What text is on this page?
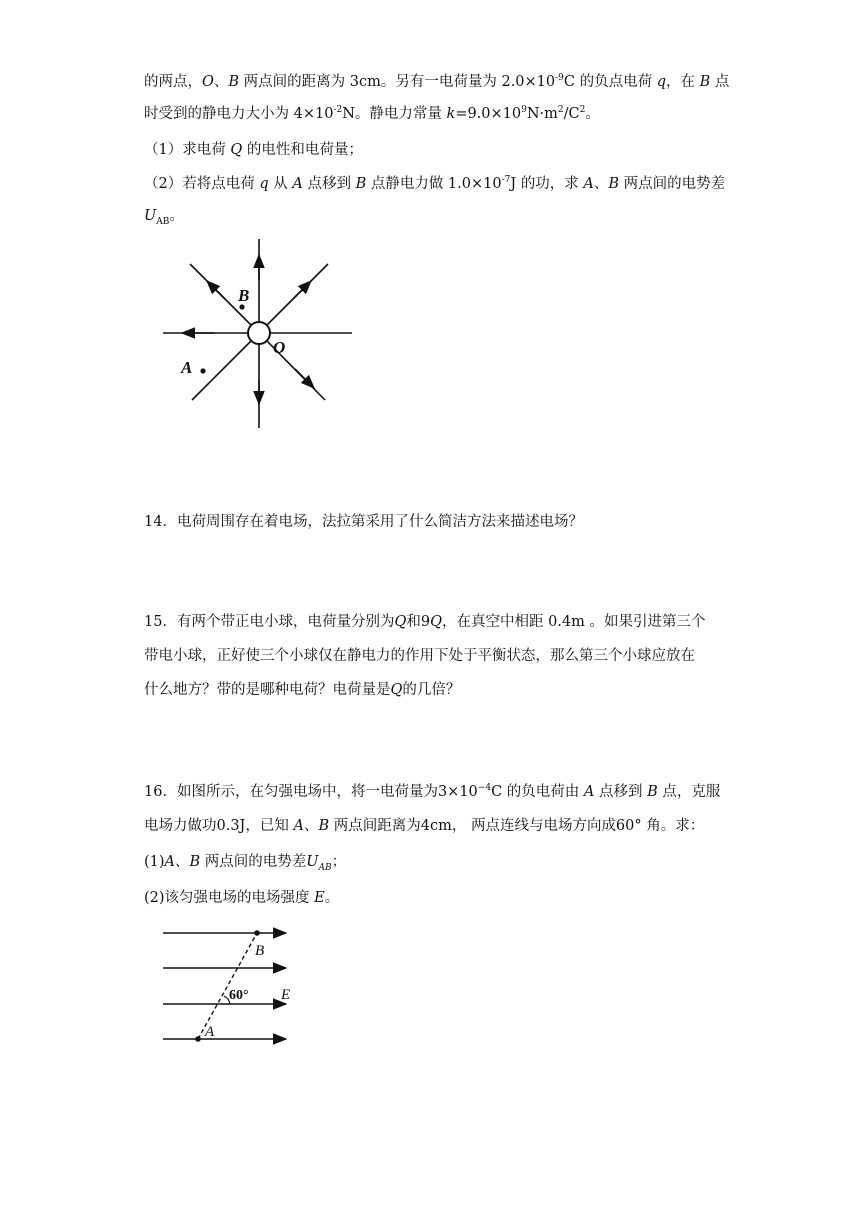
的两点，O、B 两点间的距离为 3cm。另有一电荷量为 $2.0\times 10^{-9}C$ 的负点电荷 q，在 B 点
时受到的静电力大小为 $4\times 10^{-2}N$。静电力常量 $k=9.0\times 10^9N\cdot m^2/C^2$。
（1）求电荷 Q 的电性和电荷量；
（2）若将点电荷 q 从 A 点移到 B 点静电力做 $1.0\times 10^{-7}J$ 的功，求 A、B 两点间的电势差
$U_{AB}$。
B
O
A
14．电荷周围存在着电场，法拉第采用了什么简洁方法来描述电场？
15．有两个带正电小球，电荷量分别为Q和9Q，在真空中相距 0.4m 。如果引进第三个
带电小球，正好使三个小球仅在静电力的作用下处于平衡状态，那么第三个小球应放在
什么地方？带的是哪种电荷？电荷量是Q的几倍？
16．如图所示，在匀强电场中，将一电荷量为$3\times 10^{-4}C$ 的负电荷由 A 点移到 B 点，克服
电场力做功0.3J，已知 A、B 两点间距离为4cm， 两点连线与电场方向成60° 角。求：
(1)A、B 两点间的电势差$U_{AB}$；
(2)该匀强电场的电场强度 E。
B
60° E
A
